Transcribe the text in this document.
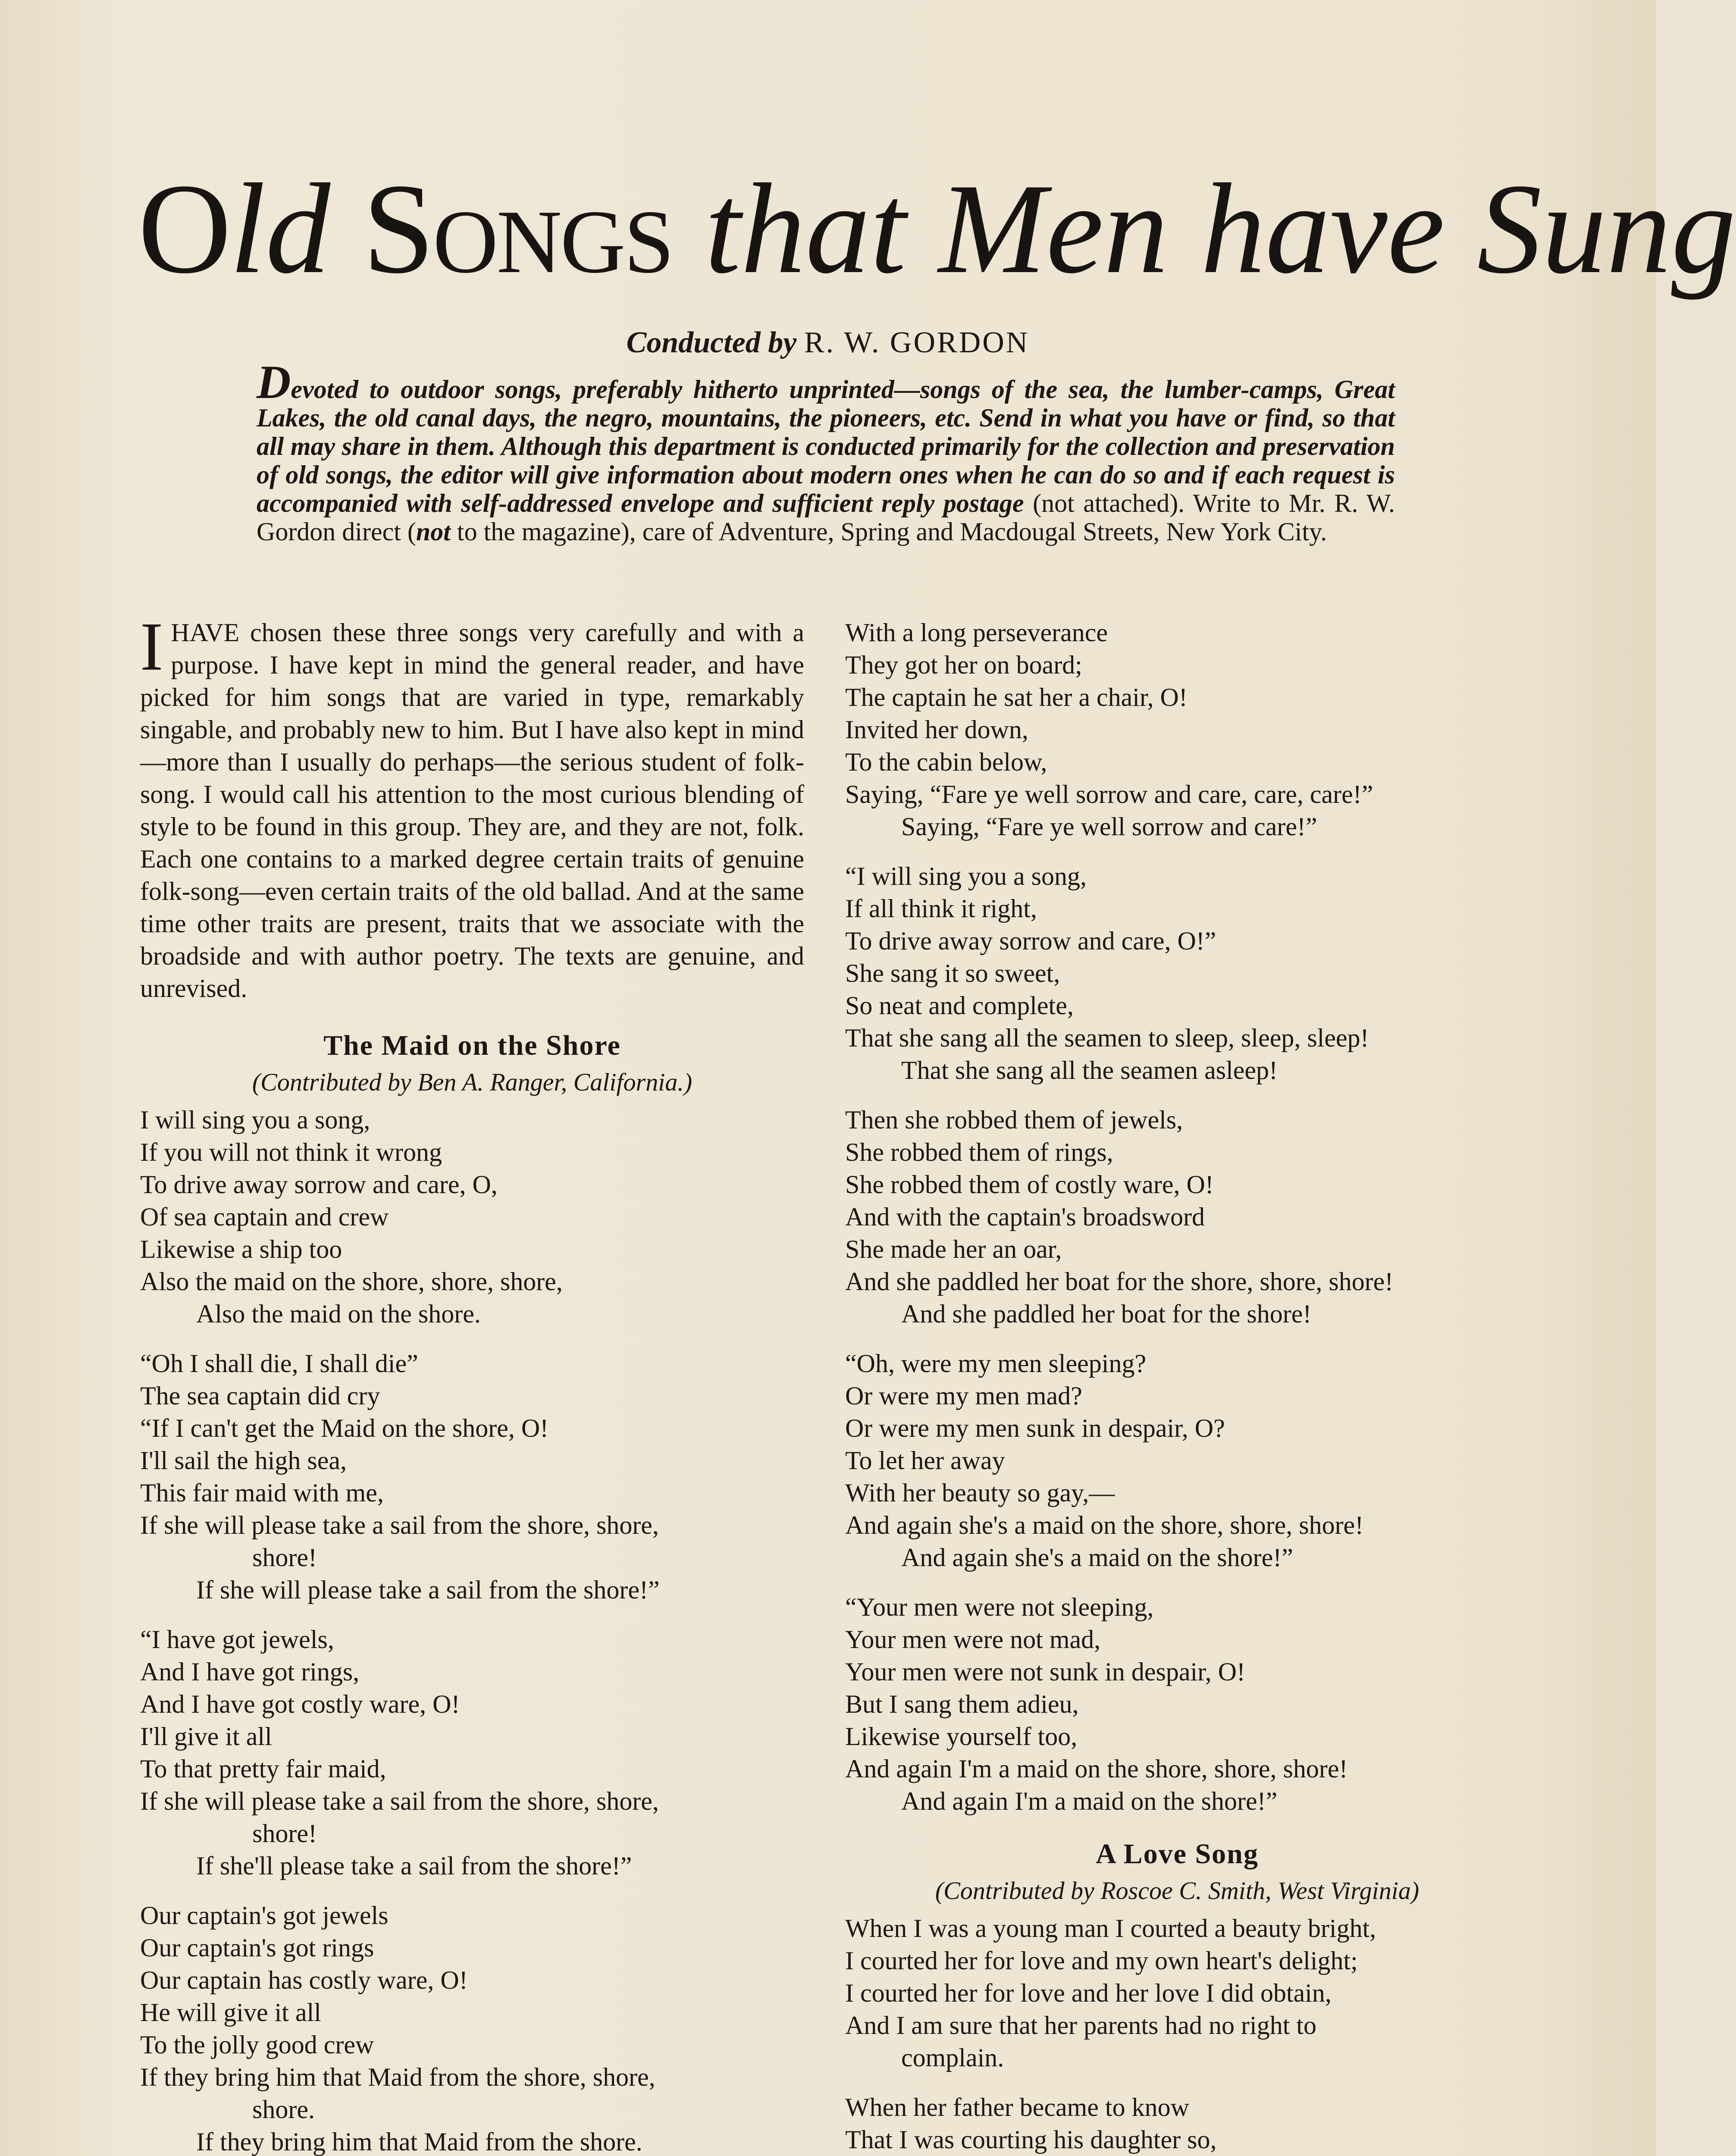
Old Songs that Men have Sung
Conducted by R. W. GORDON
Devoted to outdoor songs, preferably hitherto unprinted—songs of the sea, the lumber-camps, Great Lakes, the old canal days, the negro, mountains, the pioneers, etc. Send in what you have or find, so that all may share in them. Although this department is conducted primarily for the collection and preservation of old songs, the editor will give information about modern ones when he can do so and if each request is accompanied with self-addressed envelope and sufficient reply postage (not attached). Write to Mr. R. W. Gordon direct (not to the magazine), care of Adventure, Spring and Macdougal Streets, New York City.

I HAVE chosen these three songs very carefully and with a purpose. I have kept in mind the general reader, and have picked for him songs that are varied in type, remarkably singable, and probably new to him. But I have also kept in mind—more than I usually do perhaps—the serious student of folk-song. I would call his attention to the most curious blending of style to be found in this group. They are, and they are not, folk. Each one contains to a marked degree certain traits of genuine folk-song—even certain traits of the old ballad. And at the same time other traits are present, traits that we associate with the broadside and with author poetry. The texts are genuine, and unrevised.

The Maid on the Shore
(Contributed by Ben A. Ranger, California.)
I will sing you a song,
If you will not think it wrong
To drive away sorrow and care, O,
Of sea captain and crew
Likewise a ship too
Also the maid on the shore, shore, shore,
Also the maid on the shore.
“Oh I shall die, I shall die”
The sea captain did cry
“If I can't get the Maid on the shore, O!
I'll sail the high sea,
This fair maid with me,
If she will please take a sail from the shore, shore,
shore!
If she will please take a sail from the shore!”
“I have got jewels,
And I have got rings,
And I have got costly ware, O!
I'll give it all
To that pretty fair maid,
If she will please take a sail from the shore, shore,
shore!
If she'll please take a sail from the shore!”
Our captain's got jewels
Our captain's got rings
Our captain has costly ware, O!
He will give it all
To the jolly good crew
If they bring him that Maid from the shore, shore,
shore.
If they bring him that Maid from the shore.
With a long perseverance
They got her on board;
The captain he sat her a chair, O!
Invited her down,
To the cabin below,
Saying, “Fare ye well sorrow and care, care, care!”
Saying, “Fare ye well sorrow and care!”
“I will sing you a song,
If all think it right,
To drive away sorrow and care, O!”
She sang it so sweet,
So neat and complete,
That she sang all the seamen to sleep, sleep, sleep!
That she sang all the seamen asleep!
Then she robbed them of jewels,
She robbed them of rings,
She robbed them of costly ware, O!
And with the captain's broadsword
She made her an oar,
And she paddled her boat for the shore, shore, shore!
And she paddled her boat for the shore!
“Oh, were my men sleeping?
Or were my men mad?
Or were my men sunk in despair, O?
To let her away
With her beauty so gay,—
And again she's a maid on the shore, shore, shore!
And again she's a maid on the shore!”
“Your men were not sleeping,
Your men were not mad,
Your men were not sunk in despair, O!
But I sang them adieu,
Likewise yourself too,
And again I'm a maid on the shore, shore, shore!
And again I'm a maid on the shore!”
A Love Song
(Contributed by Roscoe C. Smith, West Virginia)
When I was a young man I courted a beauty bright,
I courted her for love and my own heart's delight;
I courted her for love and her love I did obtain,
And I am sure that her parents had no right to
complain.
When her father became to know
That I was courting his daughter so,
